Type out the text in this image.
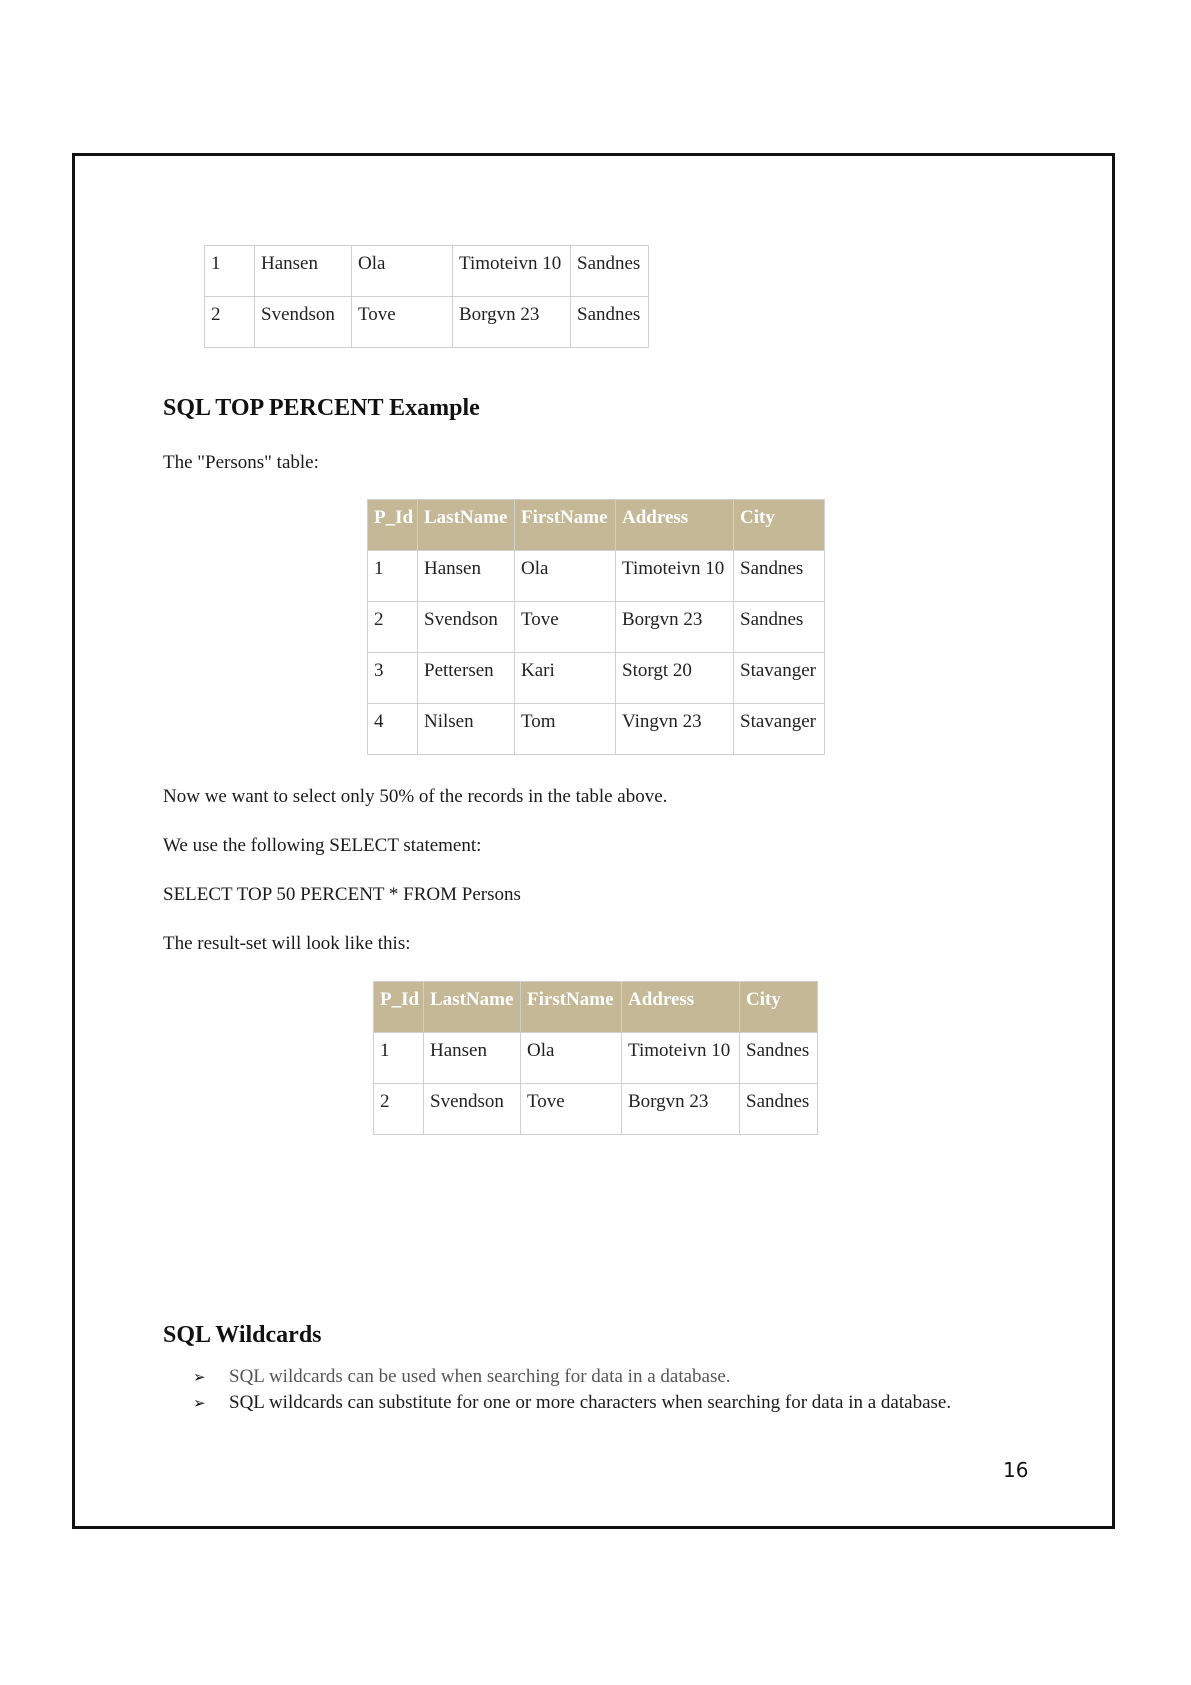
1	Hansen	Ola	Timoteivn 10	Sandnes
2	Svendson	Tove	Borgvn 23	Sandnes
SQL TOP PERCENT Example

The "Persons" table:

P_Id	LastName	FirstName	Address	City
1	Hansen	Ola	Timoteivn 10	Sandnes
2	Svendson	Tove	Borgvn 23	Sandnes
3	Pettersen	Kari	Storgt 20	Stavanger
4	Nilsen	Tom	Vingvn 23	Stavanger

Now we want to select only 50% of the records in the table above.

We use the following SELECT statement:

SELECT TOP 50 PERCENT * FROM Persons

The result-set will look like this:

P_Id	LastName	FirstName	Address	City
1	Hansen	Ola	Timoteivn 10	Sandnes
2	Svendson	Tove	Borgvn 23	Sandnes
SQL Wildcards
➢ SQL wildcards can be used when searching for data in a database.
➢ SQL wildcards can substitute for one or more characters when searching for data in a database.
16
